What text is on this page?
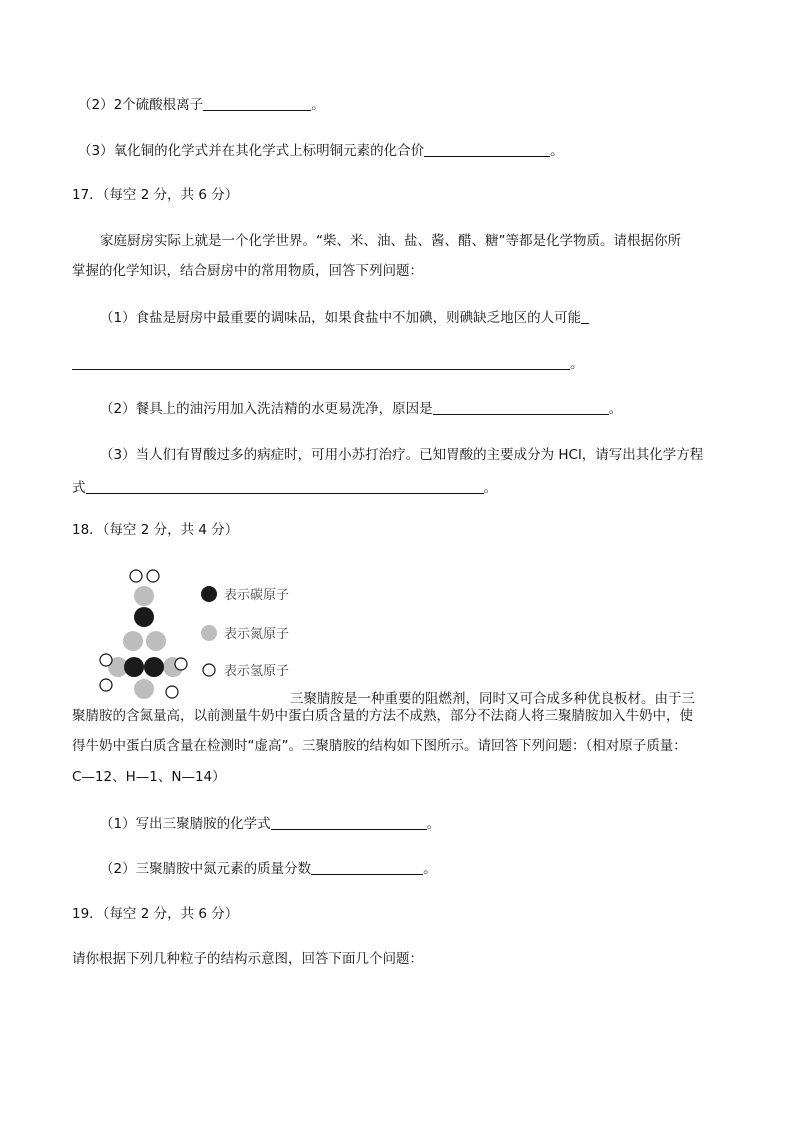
（2）2个硫酸根离子	。
（3）氧化铜的化学式并在其化学式上标明铜元素的化合价	。
17．（每空 2 分，共 6 分）
家庭厨房实际上就是一个化学世界。“柴、米、油、盐、酱、醋、糖”等都是化学物质。请根据你所
掌握的化学知识，结合厨房中的常用物质，回答下列问题：
（1）食盐是厨房中最重要的调味品，如果食盐中不加碘，则碘缺乏地区的人可能
。
（2）餐具上的油污用加入洗洁精的水更易洗净，原因是	。
（3）当人们有胃酸过多的病症时，可用小苏打治疗。已知胃酸的主要成分为 HCl，请写出其化学方程
式	。
18．（每空 2 分，共 4 分）
表示碳原子
表示氮原子
表示氢原子
三聚腈胺是一种重要的阻燃剂，同时又可合成多种优良板材。由于三
聚腈胺的含氮量高，以前测量牛奶中蛋白质含量的方法不成熟，部分不法商人将三聚腈胺加入牛奶中，使
得牛奶中蛋白质含量在检测时“虚高”。三聚腈胺的结构如下图所示。请回答下列问题：（相对原子质量：
C—12、H—1、N—14）
（1）写出三聚腈胺的化学式	。
（2）三聚腈胺中氮元素的质量分数	。
19．（每空 2 分，共 6 分）
请你根据下列几种粒子的结构示意图，回答下面几个问题：
